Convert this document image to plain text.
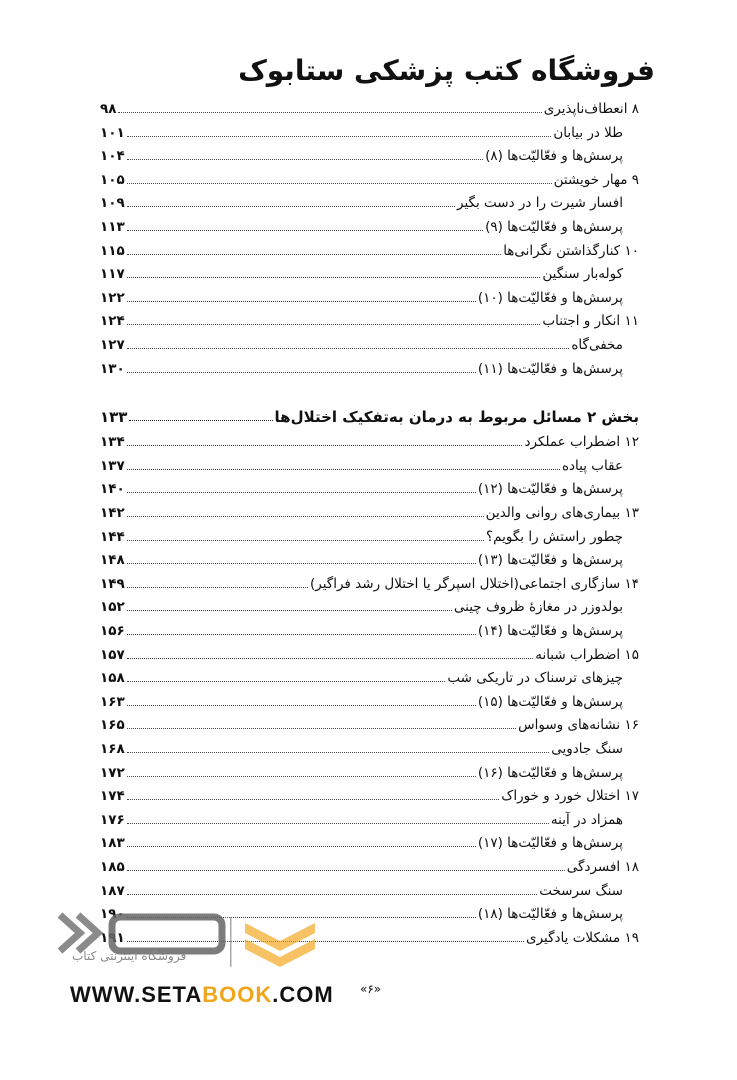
فروشگاه کتب پزشکی ستابوک
۸ انعطاف‌ناپذیری
۹۸
طلا در بیابان
۱۰۱
پرسش‌ها و فعّالیّت‌ها (۸)
۱۰۴
۹ مهار خویشتن
۱۰۵
افسار شیرت را در دست بگیر
۱۰۹
پرسش‌ها و فعّالیّت‌ها (۹)
۱۱۳
۱۰ کنارگذاشتن نگرانی‌ها
۱۱۵
کوله‌بار سنگین
۱۱۷
پرسش‌ها و فعّالیّت‌ها (۱۰)
۱۲۲
۱۱ انکار و اجتناب
۱۲۴
مخفی‌گاه
۱۲۷
پرسش‌ها و فعّالیّت‌ها (۱۱)
۱۳۰
بخش ۲ مسائل مربوط به درمان به‌تفکیک اختلال‌ها
۱۳۳
۱۲ اضطراب عملکرد
۱۳۴
عقاب پیاده
۱۳۷
پرسش‌ها و فعّالیّت‌ها (۱۲)
۱۴۰
۱۳ بیماری‌های روانی والدین
۱۴۲
چطور راستش را بگویم؟
۱۴۴
پرسش‌ها و فعّالیّت‌ها (۱۳)
۱۴۸
۱۴ سازگاری اجتماعی(اختلال اسپرگر یا اختلال رشد فراگیر)
۱۴۹
بولدوزر در مغازهٔ ظروف چینی
۱۵۲
پرسش‌ها و فعّالیّت‌ها (۱۴)
۱۵۶
۱۵ اضطراب شبانه
۱۵۷
چیزهای ترسناک در تاریکی شب
۱۵۸
پرسش‌ها و فعّالیّت‌ها (۱۵)
۱۶۳
۱۶ نشانه‌های وسواس
۱۶۵
سنگ جادویی
۱۶۸
پرسش‌ها و فعّالیّت‌ها (۱۶)
۱۷۲
۱۷ اختلال خورد و خوراک
۱۷۴
همزاد در آینه
۱۷۶
پرسش‌ها و فعّالیّت‌ها (۱۷)
۱۸۳
۱۸ افسردگی
۱۸۵
سنگ سرسخت
۱۸۷
پرسش‌ها و فعّالیّت‌ها (۱۸)
۱۹۰
۱۹ مشکلات یادگیری
۱۹۱
فروشگاه اینترنتی کتاب
WWW.SETABOOK.COM «۶»
